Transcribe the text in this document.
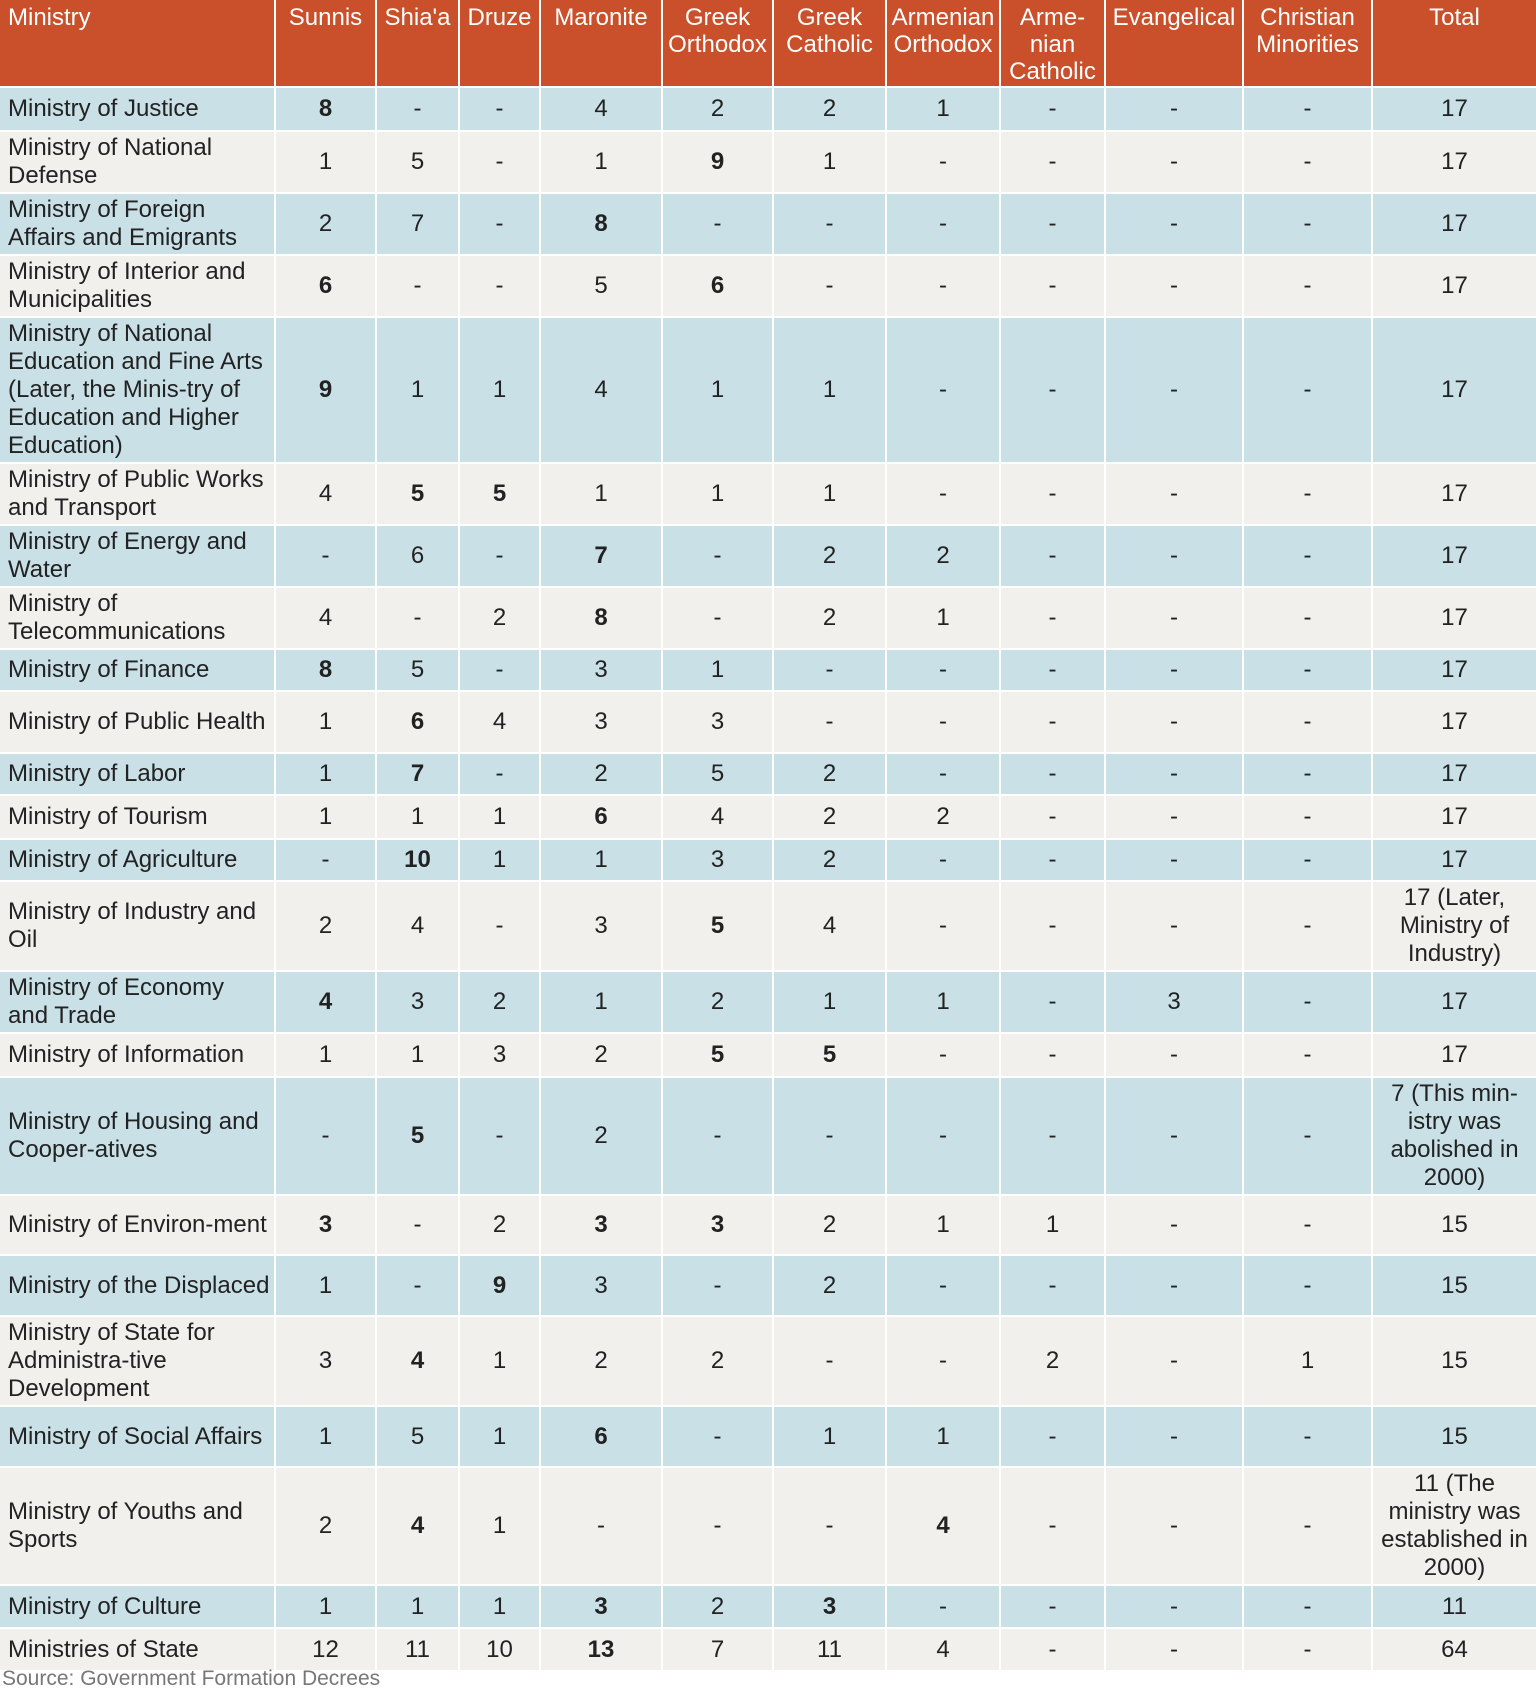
Ministry	Sunnis	Shia'a	Druze	Maronite	Greek Orthodox	Greek Catholic	Armenian Orthodox	Arme-nian Catholic	Evangelical	Christian Minorities	Total
Ministry of Justice	8	-	-	4	2	2	1	-	-	-	17
Ministry of National Defense	1	5	-	1	9	1	-	-	-	-	17
Ministry of Foreign Affairs and Emigrants	2	7	-	8	-	-	-	-	-	-	17
Ministry of Interior and Municipalities	6	-	-	5	6	-	-	-	-	-	17
Ministry of National Education and Fine Arts (Later, the Minis-try of Education and Higher Education)	9	1	1	4	1	1	-	-	-	-	17
Ministry of Public Works and Transport	4	5	5	1	1	1	-	-	-	-	17
Ministry of Energy and Water	-	6	-	7	-	2	2	-	-	-	17
Ministry of Telecommunications	4	-	2	8	-	2	1	-	-	-	17
Ministry of Finance	8	5	-	3	1	-	-	-	-	-	17
Ministry of Public Health	1	6	4	3	3	-	-	-	-	-	17
Ministry of Labor	1	7	-	2	5	2	-	-	-	-	17
Ministry of Tourism	1	1	1	6	4	2	2	-	-	-	17
Ministry of Agriculture	-	10	1	1	3	2	-	-	-	-	17
Ministry of Industry and Oil	2	4	-	3	5	4	-	-	-	-	17 (Later, Ministry of Industry)
Ministry of Economy and Trade	4	3	2	1	2	1	1	-	3	-	17
Ministry of Information	1	1	3	2	5	5	-	-	-	-	17
Ministry of Housing and Cooper-atives	-	5	-	2	-	-	-	-	-	-	7 (This min-istry was abolished in 2000)
Ministry of Environ-ment	3	-	2	3	3	2	1	1	-	-	15
Ministry of the Displaced	1	-	9	3	-	2	-	-	-	-	15
Ministry of State for Administra-tive Development	3	4	1	2	2	-	-	2	-	1	15
Ministry of Social Affairs	1	5	1	6	-	1	1	-	-	-	15
Ministry of Youths and Sports	2	4	1	-	-	-	4	-	-	-	11 (The ministry was established in 2000)
Ministry of Culture	1	1	1	3	2	3	-	-	-	-	11
Ministries of State	12	11	10	13	7	11	4	-	-	-	64
Source: Government Formation Decrees
